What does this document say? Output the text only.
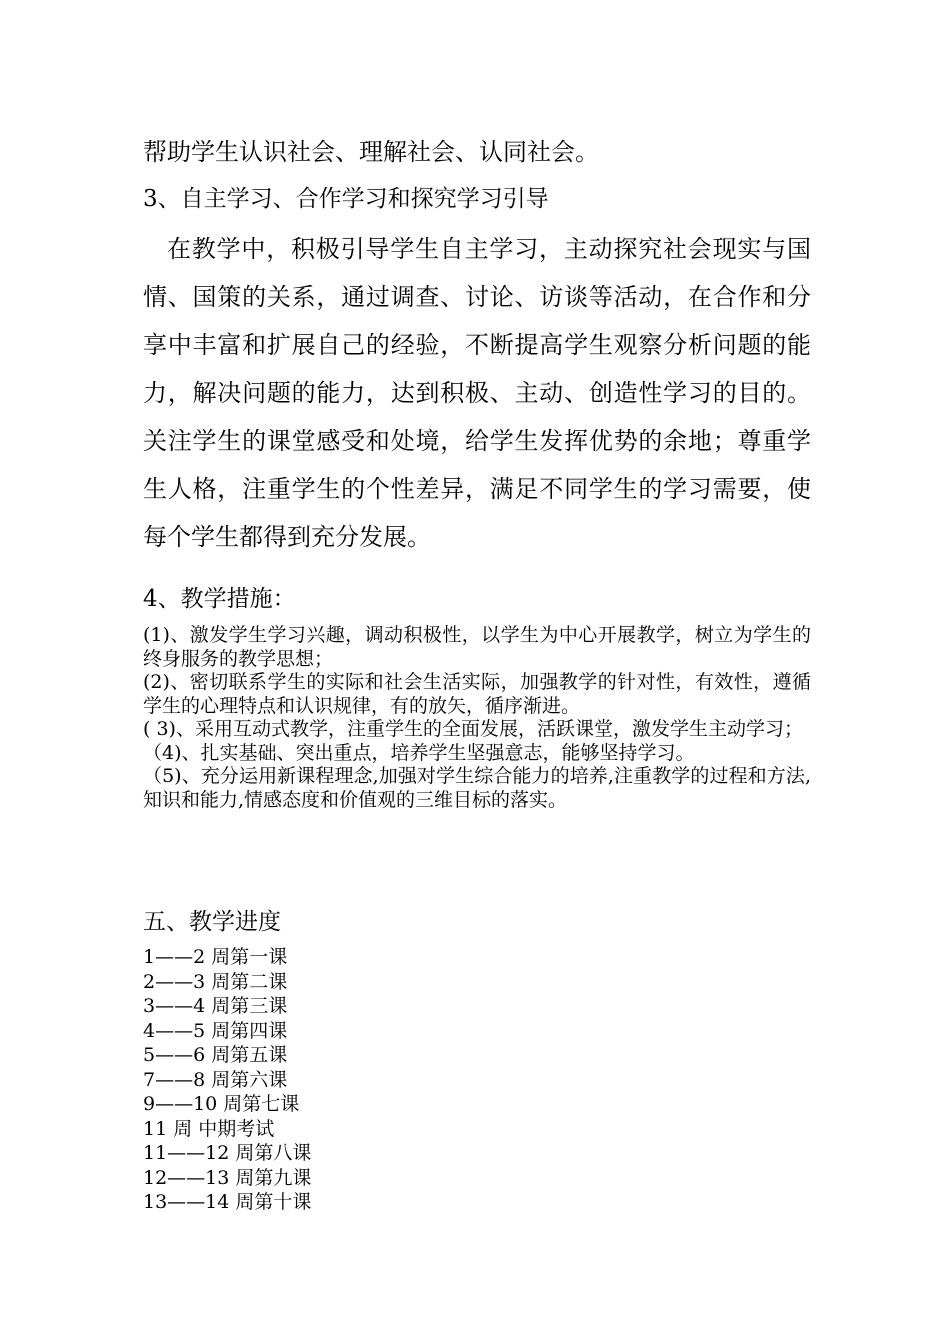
帮助学生认识社会、理解社会、认同社会。

3、自主学习、合作学习和探究学习引导

在教学中，积极引导学生自主学习，主动探究社会现实与国情、国策的关系，通过调查、讨论、访谈等活动，在合作和分享中丰富和扩展自己的经验，不断提高学生观察分析问题的能力，解决问题的能力，达到积极、主动、创造性学习的目的。关注学生的课堂感受和处境，给学生发挥优势的余地；尊重学生人格，注重学生的个性差异，满足不同学生的学习需要，使每个学生都得到充分发展。

4、教学措施：

(1)、激发学生学习兴趣，调动积极性，以学生为中心开展教学，树立为学生的终身服务的教学思想；

(2)、密切联系学生的实际和社会生活实际，加强教学的针对性，有效性，遵循学生的心理特点和认识规律，有的放矢，循序渐进。

( 3)、采用互动式教学，注重学生的全面发展，活跃课堂，激发学生主动学习；

（4)、扎实基础、突出重点，培养学生坚强意志，能够坚持学习。

（5)、充分运用新课程理念,加强对学生综合能力的培养,注重教学的过程和方法,知识和能力,情感态度和价值观的三维目标的落实。

五、教学进度

1——2 周第一课
2——3 周第二课
3——4 周第三课
4——5 周第四课
5——6 周第五课
7——8 周第六课
9——10 周第七课
11 周 中期考试
11——12 周第八课
12——13 周第九课
13——14 周第十课
